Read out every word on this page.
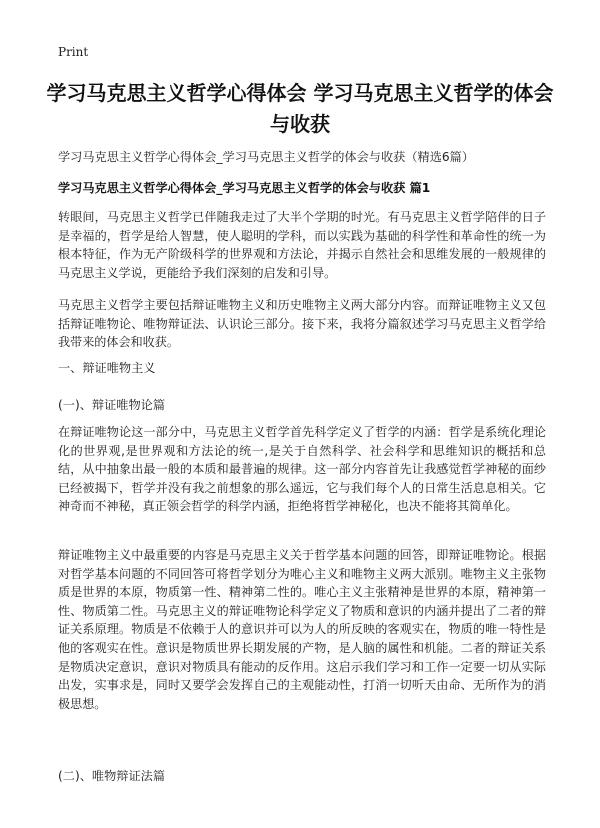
Print
学习马克思主义哲学心得体会 学习马克思主义哲学的体会与收获
学习马克思主义哲学心得体会_学习马克思主义哲学的体会与收获（精选6篇）
学习马克思主义哲学心得体会_学习马克思主义哲学的体会与收获 篇1

转眼间，马克思主义哲学已伴随我走过了大半个学期的时光。有马克思主义哲学陪伴的日子是幸福的，哲学是给人智慧，使人聪明的学科，而以实践为基础的科学性和革命性的统一为根本特征，作为无产阶级科学的世界观和方法论，并揭示自然社会和思维发展的一般规律的马克思主义学说，更能给予我们深刻的启发和引导。

马克思主义哲学主要包括辩证唯物主义和历史唯物主义两大部分内容。而辩证唯物主义又包括辩证唯物论、唯物辩证法、认识论三部分。接下来，我将分篇叙述学习马克思主义哲学给我带来的体会和收获。

一、辩证唯物主义
(一)、辩证唯物论篇

在辩证唯物论这一部分中，马克思主义哲学首先科学定义了哲学的内涵：哲学是系统化理论化的世界观,是世界观和方法论的统一,是关于自然科学、社会科学和思维知识的概括和总结，从中抽象出最一般的本质和最普遍的规律。这一部分内容首先让我感觉哲学神秘的面纱已经被揭下，哲学并没有我之前想象的那么遥远，它与我们每个人的日常生活息息相关。它神奇而不神秘，真正领会哲学的科学内涵，拒绝将哲学神秘化，也决不能将其简单化。

辩证唯物主义中最重要的内容是马克思主义关于哲学基本问题的回答，即辩证唯物论。根据对哲学基本问题的不同回答可将哲学划分为唯心主义和唯物主义两大派别。唯物主义主张物质是世界的本原，物质第一性、精神第二性的。唯心主义主张精神是世界的本原，精神第一性、物质第二性。马克思主义的辩证唯物论科学定义了物质和意识的内涵并提出了二者的辩证关系原理。物质是不依赖于人的意识并可以为人的所反映的客观实在，物质的唯一特性是他的客观实在性。意识是物质世界长期发展的产物，是人脑的属性和机能。二者的辩证关系是物质决定意识，意识对物质具有能动的反作用。这启示我们学习和工作一定要一切从实际出发，实事求是，同时又要学会发挥自己的主观能动性，打消一切听天由命、无所作为的消极思想。

(二)、唯物辩证法篇
